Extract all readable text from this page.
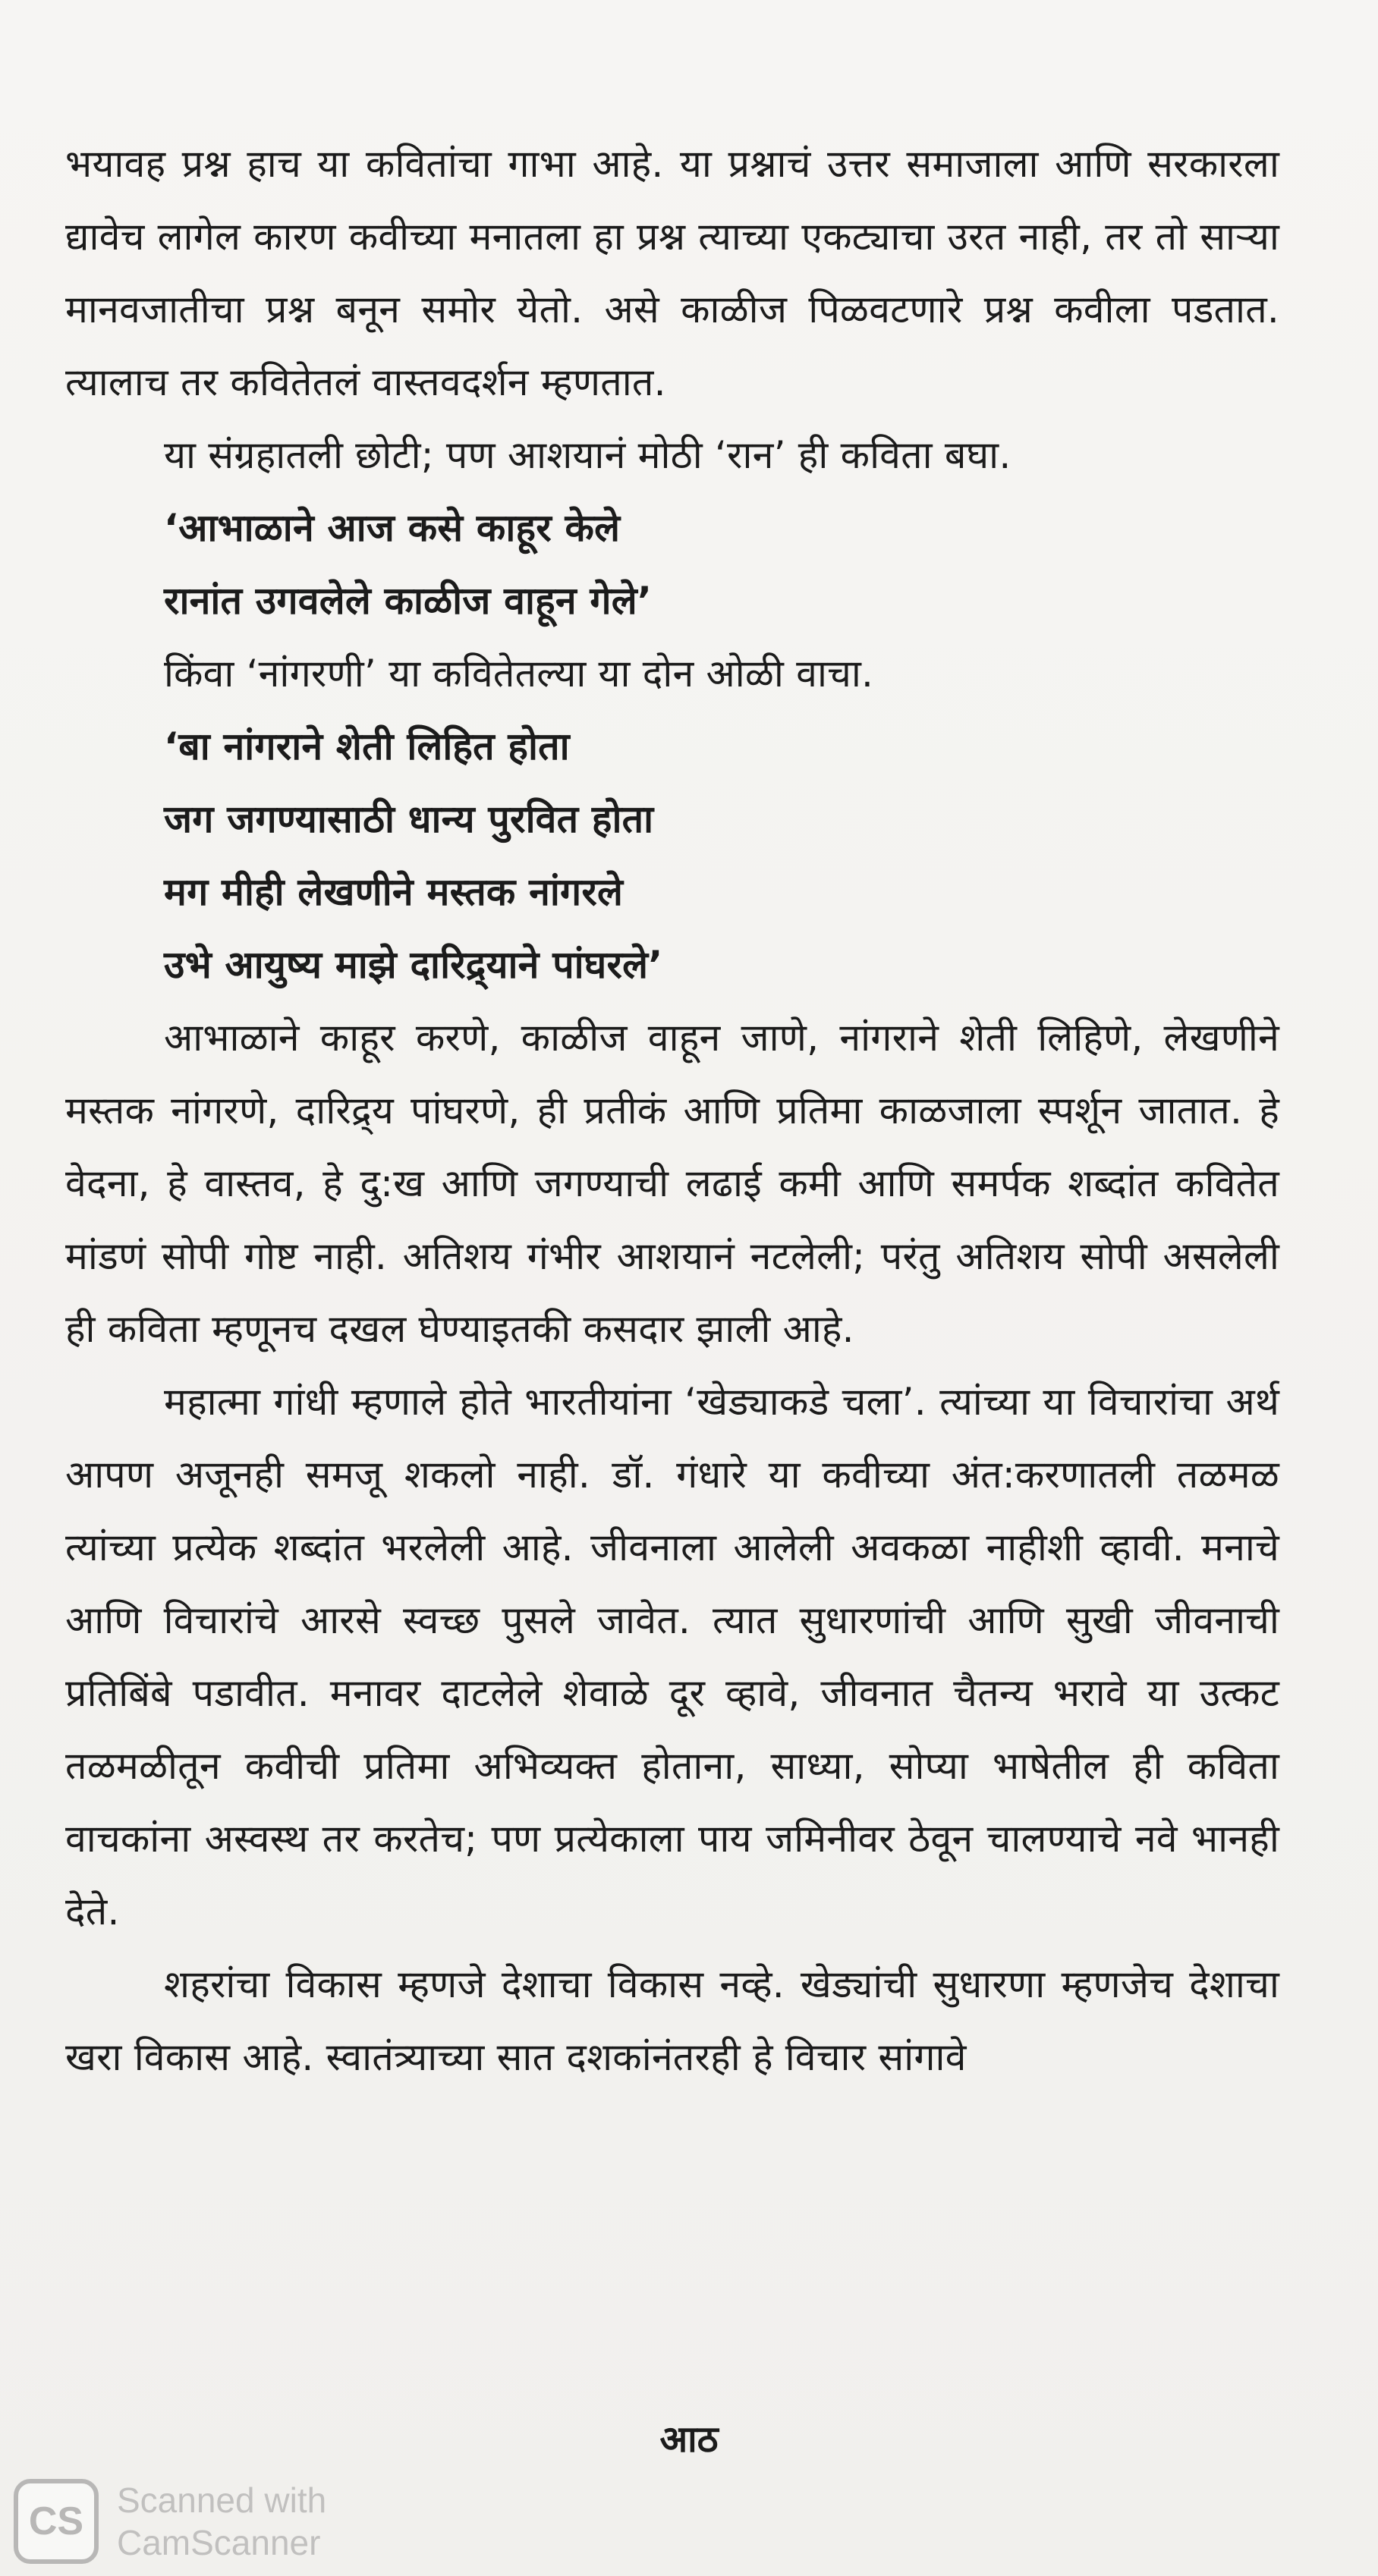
भयावह प्रश्न हाच या कवितांचा गाभा आहे. या प्रश्नाचं उत्तर समाजाला आणि सरकारला द्यावेच लागेल कारण कवीच्या मनातला हा प्रश्न त्याच्या एकट्याचा उरत नाही, तर तो साऱ्या मानवजातीचा प्रश्न बनून समोर येतो. असे काळीज पिळवटणारे प्रश्न कवीला पडतात. त्यालाच तर कवितेतलं वास्तवदर्शन म्हणतात.

या संग्रहातली छोटी; पण आशयानं मोठी ‘रान’ ही कविता बघा.

‘आभाळाने आज कसे काहूर केले
रानांत उगवलेले काळीज वाहून गेले’

किंवा ‘नांगरणी’ या कवितेतल्या या दोन ओळी वाचा.

‘बा नांगराने शेती लिहित होता
जग जगण्यासाठी धान्य पुरवित होता
मग मीही लेखणीने मस्तक नांगरले
उभे आयुष्य माझे दारिद्र्याने पांघरले’

आभाळाने काहूर करणे, काळीज वाहून जाणे, नांगराने शेती लिहिणे, लेखणीने मस्तक नांगरणे, दारिद्र्य पांघरणे, ही प्रतीकं आणि प्रतिमा काळजाला स्पर्शून जातात. हे वेदना, हे वास्तव, हे दु:ख आणि जगण्याची लढाई कमी आणि समर्पक शब्दांत कवितेत मांडणं सोपी गोष्ट नाही. अतिशय गंभीर आशयानं नटलेली; परंतु अतिशय सोपी असलेली ही कविता म्हणूनच दखल घेण्याइतकी कसदार झाली आहे.

महात्मा गांधी म्हणाले होते भारतीयांना ‘खेड्याकडे चला’. त्यांच्या या विचारांचा अर्थ आपण अजूनही समजू शकलो नाही. डॉ. गंधारे या कवीच्या अंत:करणातली तळमळ त्यांच्या प्रत्येक शब्दांत भरलेली आहे. जीवनाला आलेली अवकळा नाहीशी व्हावी. मनाचे आणि विचारांचे आरसे स्वच्छ पुसले जावेत. त्यात सुधारणांची आणि सुखी जीवनाची प्रतिबिंबे पडावीत. मनावर दाटलेले शेवाळे दूर व्हावे, जीवनात चैतन्य भरावे या उत्कट तळमळीतून कवीची प्रतिमा अभिव्यक्त होताना, साध्या, सोप्या भाषेतील ही कविता वाचकांना अस्वस्थ तर करतेच; पण प्रत्येकाला पाय जमिनीवर ठेवून चालण्याचे नवे भानही देते.

शहरांचा विकास म्हणजे देशाचा विकास नव्हे. खेड्यांची सुधारणा म्हणजेच देशाचा खरा विकास आहे. स्वातंत्र्याच्या सात दशकांनंतरही हे विचार सांगावे

आठ
CS Scanned with
CamScanner
